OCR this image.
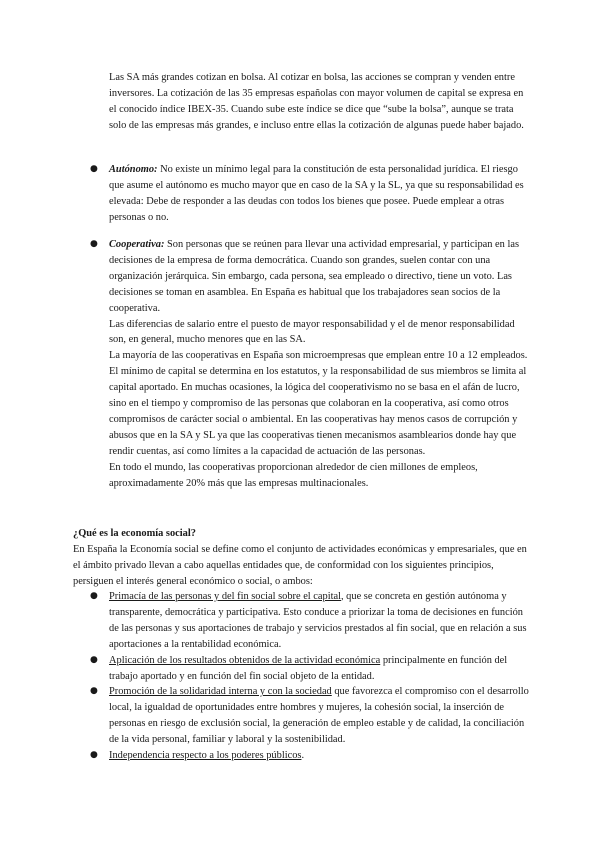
Las SA más grandes cotizan en bolsa. Al cotizar en bolsa, las acciones se compran y venden entre inversores. La cotización de las 35 empresas españolas con mayor volumen de capital se expresa en el conocido índice IBEX-35. Cuando sube este índice se dice que “sube la bolsa”, aunque se trata solo de las empresas más grandes, e incluso entre ellas la cotización de algunas puede haber bajado.

● Autónomo: No existe un mínimo legal para la constitución de esta personalidad jurídica. El riesgo que asume el autónomo es mucho mayor que en caso de la SA y la SL, ya que su responsabilidad es elevada: Debe de responder a las deudas con todos los bienes que posee. Puede emplear a otras personas o no.

● Cooperativa: Son personas que se reúnen para llevar una actividad empresarial, y participan en las decisiones de la empresa de forma democrática. Cuando son grandes, suelen contar con una organización jerárquica. Sin embargo, cada persona, sea empleado o directivo, tiene un voto. Las decisiones se toman en asamblea. En España es habitual que los trabajadores sean socios de la cooperativa.

Las diferencias de salario entre el puesto de mayor responsabilidad y el de menor responsabilidad son, en general, mucho menores que en las SA.

La mayoría de las cooperativas en España son microempresas que emplean entre 10 a 12 empleados.

El mínimo de capital se determina en los estatutos, y la responsabilidad de sus miembros se limita al capital aportado. En muchas ocasiones, la lógica del cooperativismo no se basa en el afán de lucro, sino en el tiempo y compromiso de las personas que colaboran en la cooperativa, así como otros compromisos de carácter social o ambiental. En las cooperativas hay menos casos de corrupción y abusos que en la SA y SL ya que las cooperativas tienen mecanismos asamblearios donde hay que rendir cuentas, así como límites a la capacidad de actuación de las personas.

En todo el mundo, las cooperativas proporcionan alrededor de cien millones de empleos, aproximadamente 20% más que las empresas multinacionales.

¿Qué es la economía social?

En España la Economía social se define como el conjunto de actividades económicas y empresariales, que en el ámbito privado llevan a cabo aquellas entidades que, de conformidad con los siguientes principios, persiguen el interés general económico o social, o ambos:

● Primacía de las personas y del fin social sobre el capital, que se concreta en gestión autónoma y transparente, democrática y participativa. Esto conduce a priorizar la toma de decisiones en función de las personas y sus aportaciones de trabajo y servicios prestados al fin social, que en relación a sus aportaciones a la rentabilidad económica.
● Aplicación de los resultados obtenidos de la actividad económica principalmente en función del trabajo aportado y en función del fin social objeto de la entidad.
● Promoción de la solidaridad interna y con la sociedad que favorezca el compromiso con el desarrollo local, la igualdad de oportunidades entre hombres y mujeres, la cohesión social, la inserción de personas en riesgo de exclusión social, la generación de empleo estable y de calidad, la conciliación de la vida personal, familiar y laboral y la sostenibilidad.
● Independencia respecto a los poderes públicos.
